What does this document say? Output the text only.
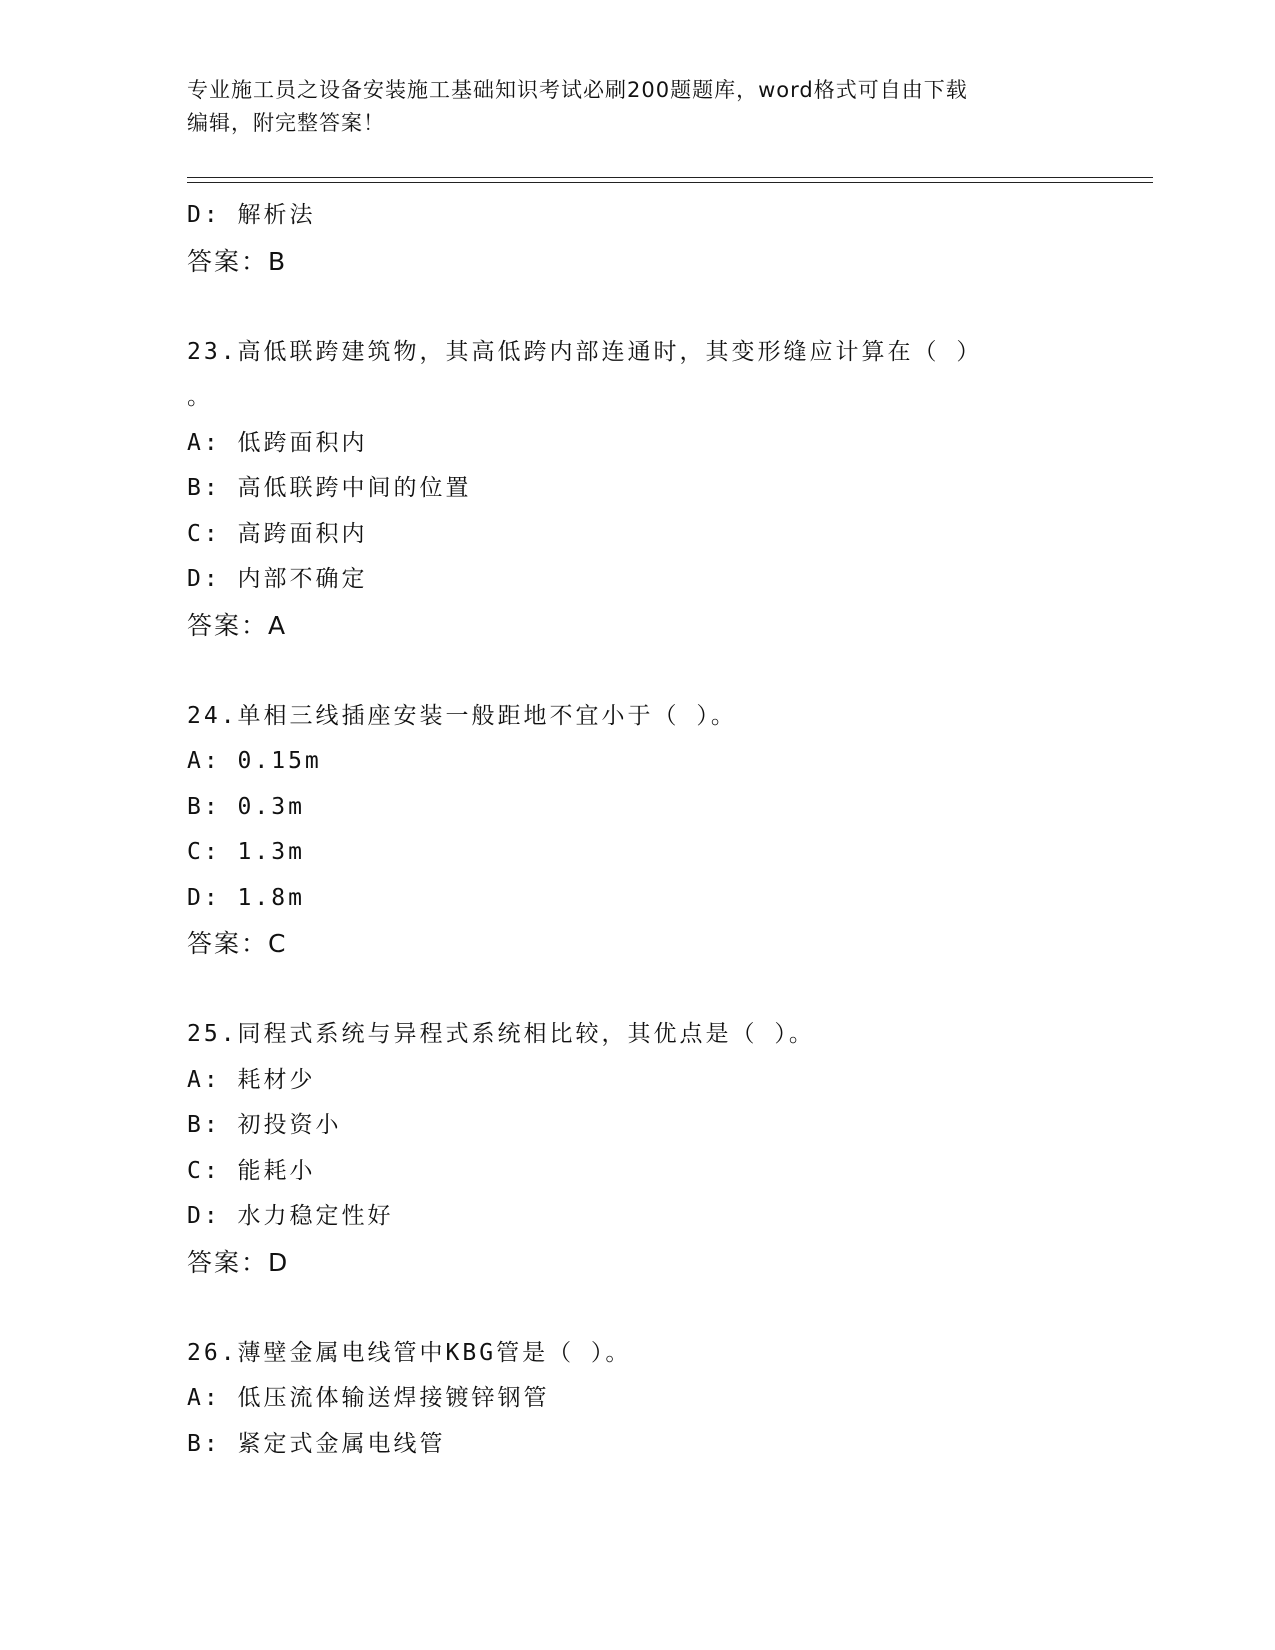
专业施工员之设备安装施工基础知识考试必刷200题题库，word格式可自由下载
编辑，附完整答案！
D: 解析法
答案：B
23.高低联跨建筑物，其高低跨内部连通时，其变形缝应计算在（ ）
。
A: 低跨面积内
B: 高低联跨中间的位置
C: 高跨面积内
D: 内部不确定
答案：A
24.单相三线插座安装一般距地不宜小于（ ）。
A: 0.15m
B: 0.3m
C: 1.3m
D: 1.8m
答案：C
25.同程式系统与异程式系统相比较，其优点是（ ）。
A: 耗材少
B: 初投资小
C: 能耗小
D: 水力稳定性好
答案：D
26.薄壁金属电线管中KBG管是（ ）。
A: 低压流体输送焊接镀锌钢管
B: 紧定式金属电线管
